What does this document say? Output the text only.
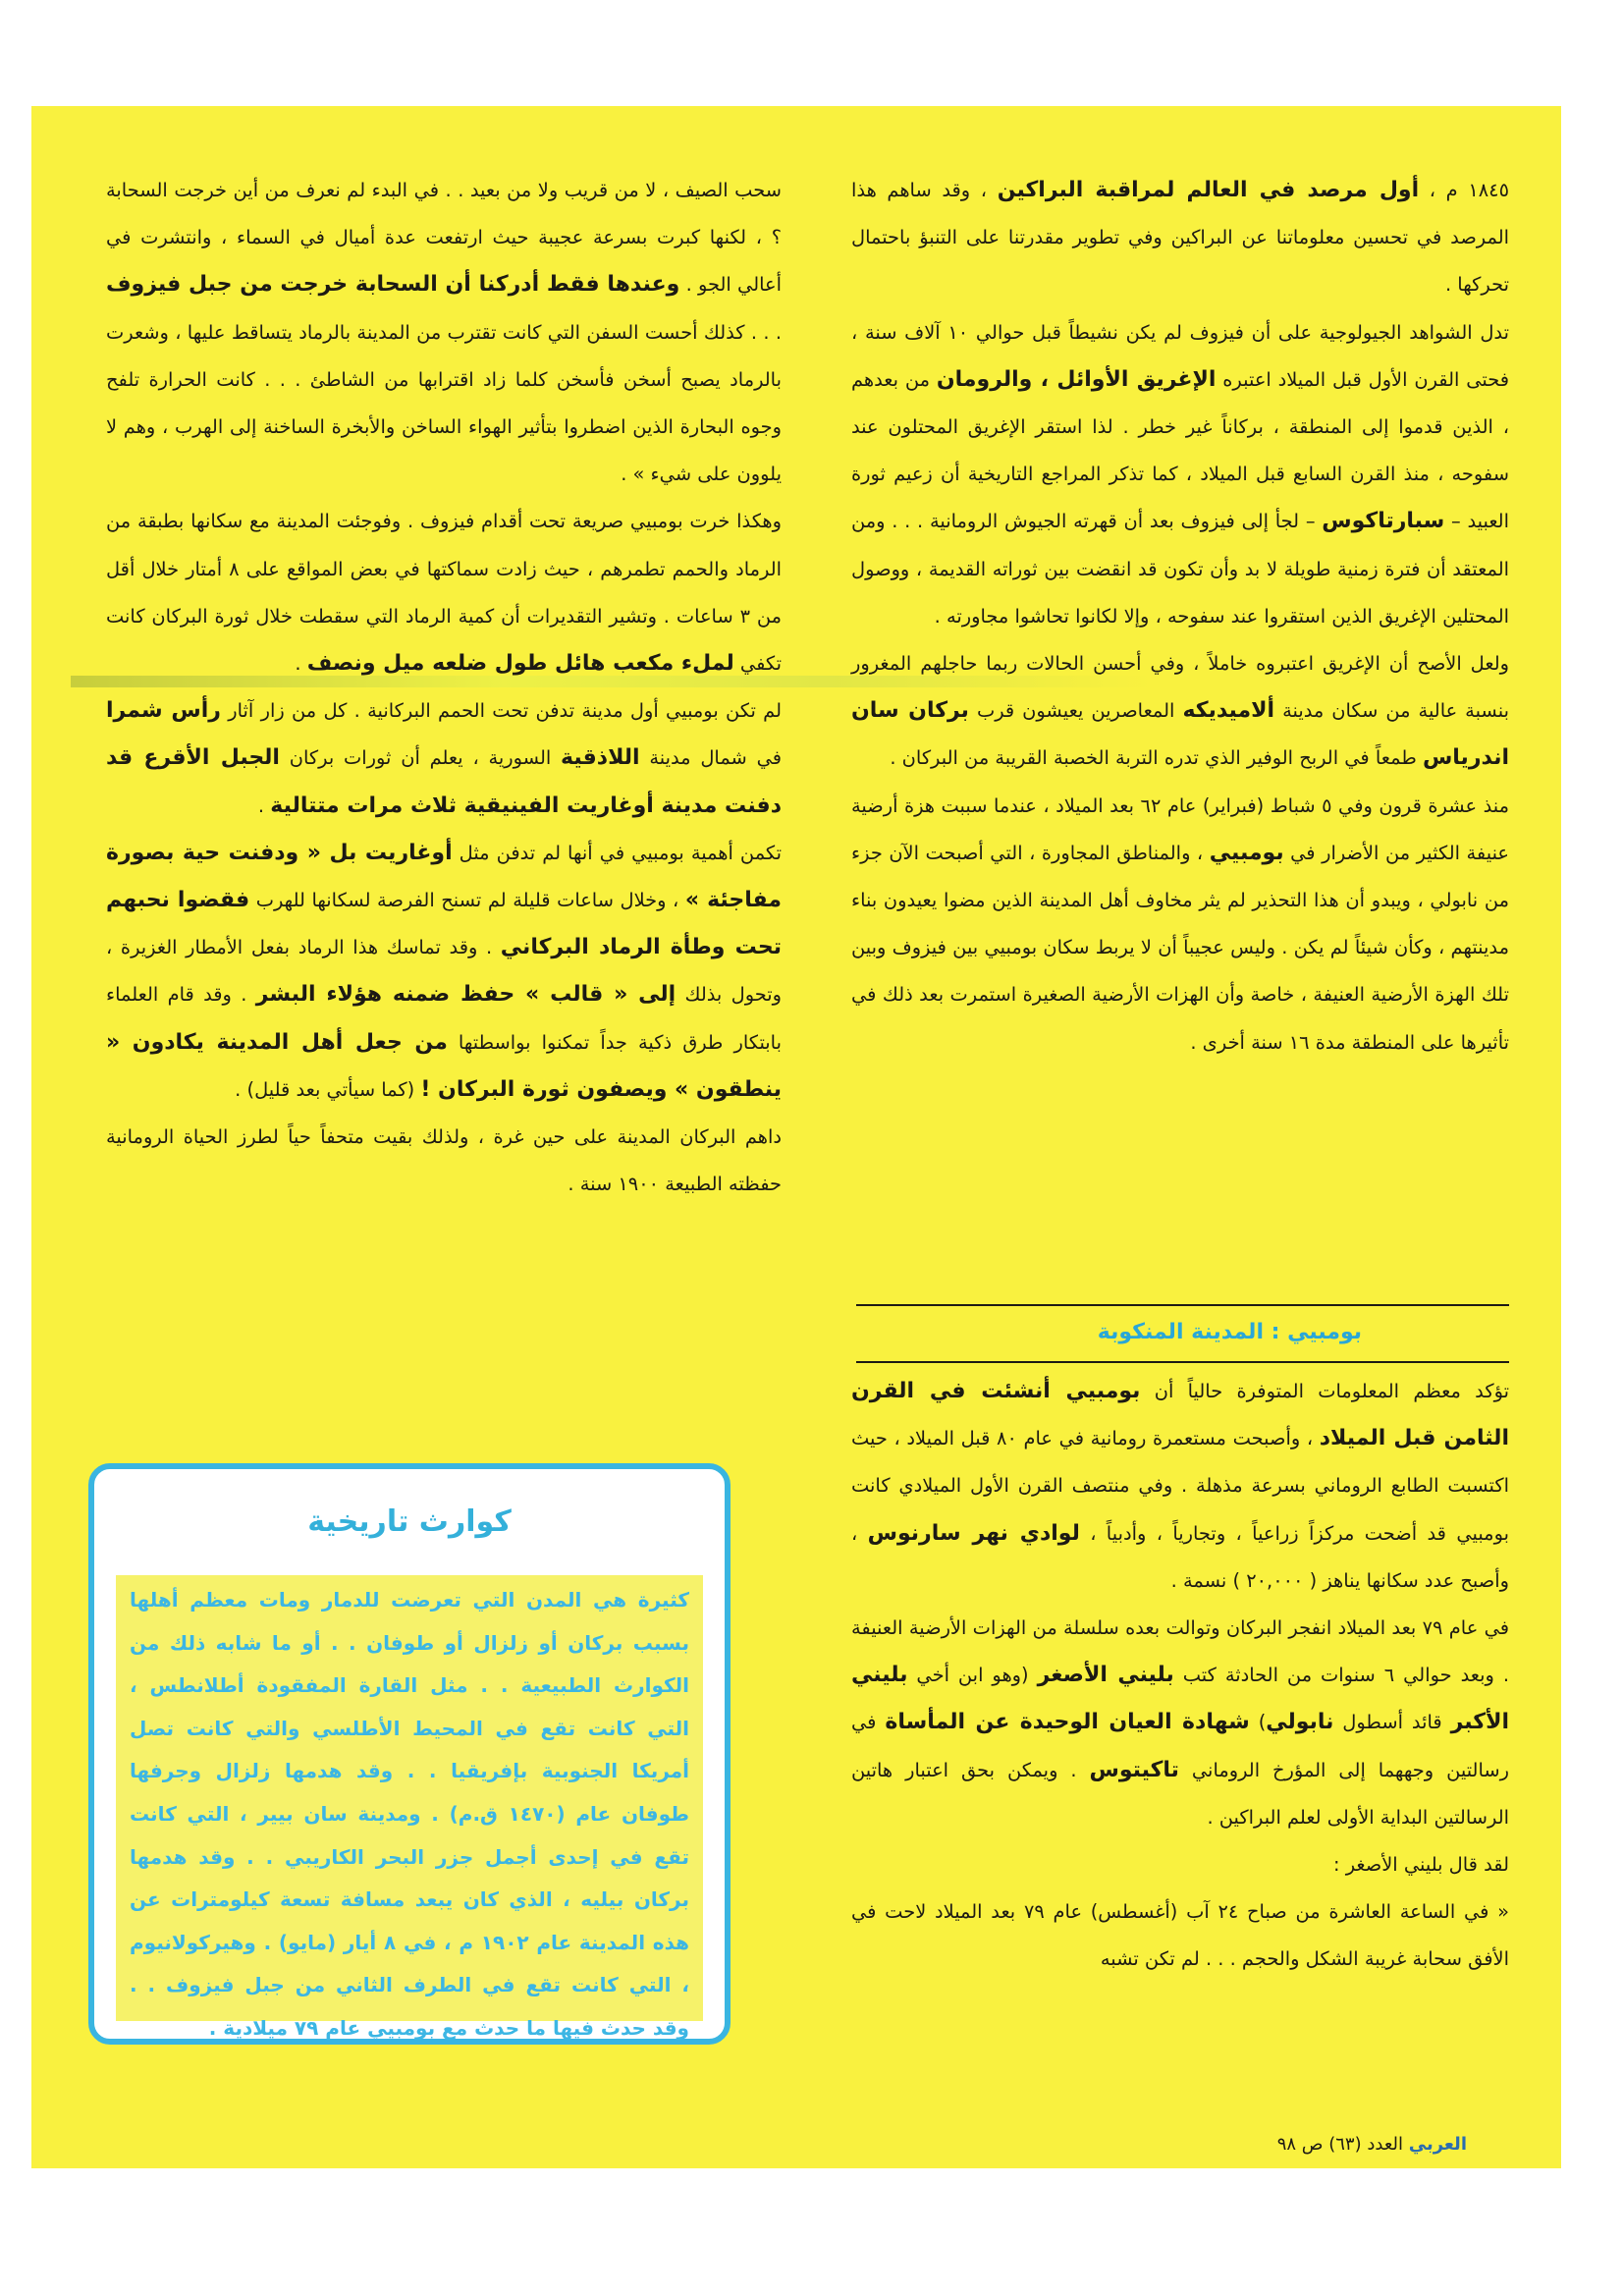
١٨٤٥ م ، أول مرصد في العالم لمراقبة البراكين ، وقد ساهم هذا المرصد في تحسين معلوماتنا عن البراكين وفي تطوير مقدرتنا على التنبؤ باحتمال تحركها .

تدل الشواهد الجيولوجية على أن فيزوف لم يكن نشيطاً قبل حوالي ١٠ آلاف سنة ، فحتى القرن الأول قبل الميلاد اعتبره الإغريق الأوائل ، والرومان من بعدهم ، الذين قدموا إلى المنطقة ، بركاناً غير خطر . لذا استقر الإغريق المحتلون عند سفوحه ، منذ القرن السابع قبل الميلاد ، كما تذكر المراجع التاريخية أن زعيم ثورة العبيد – سبارتاكوس – لجأ إلى فيزوف بعد أن قهرته الجيوش الرومانية . . . ومن المعتقد أن فترة زمنية طويلة لا بد وأن تكون قد انقضت بين ثوراته القديمة ، ووصول المحتلين الإغريق الذين استقروا عند سفوحه ، وإلا لكانوا تحاشوا مجاورته .

ولعل الأصح أن الإغريق اعتبروه خاملاً ، وفي أحسن الحالات ربما حاجلهم المغرور بنسبة عالية من سكان مدينة ألاميديكه المعاصرين يعيشون قرب بركان سان اندرياس طمعاً في الربح الوفير الذي تدره التربة الخصبة القريبة من البركان .

منذ عشرة قرون وفي ٥ شباط (فبراير) عام ٦٢ بعد الميلاد ، عندما سببت هزة أرضية عنيفة الكثير من الأضرار في بومبيي ، والمناطق المجاورة ، التي أصبحت الآن جزء من نابولي ، ويبدو أن هذا التحذير لم يثر مخاوف أهل المدينة الذين مضوا يعيدون بناء مدينتهم ، وكأن شيئاً لم يكن . وليس عجيباً أن لا يربط سكان بومبيي بين فيزوف وبين تلك الهزة الأرضية العنيفة ، خاصة وأن الهزات الأرضية الصغيرة استمرت بعد ذلك في تأثيرها على المنطقة مدة ١٦ سنة أخرى .

بومبيي : المدينة المنكوبة

تؤكد معظم المعلومات المتوفرة حالياً أن بومبيي أنشئت في القرن الثامن قبل الميلاد ، وأصبحت مستعمرة رومانية في عام ٨٠ قبل الميلاد ، حيث اكتسبت الطابع الروماني بسرعة مذهلة . وفي منتصف القرن الأول الميلادي كانت بومبيي قد أضحت مركزاً زراعياً ، وتجارياً ، وأدبياً ، لوادي نهر سارنوس ، وأصبح عدد سكانها يناهز ( ٢٠,٠٠٠ ) نسمة .

في عام ٧٩ بعد الميلاد انفجر البركان وتوالت بعده سلسلة من الهزات الأرضية العنيفة . وبعد حوالي ٦ سنوات من الحادثة كتب بليني الأصغر (وهو ابن أخي بليني الأكبر قائد أسطول نابولي) شهادة العيان الوحيدة عن المأساة في رسالتين وجههما إلى المؤرخ الروماني تاكيتوس . ويمكن بحق اعتبار هاتين الرسالتين البداية الأولى لعلم البراكين .

لقد قال بليني الأصغر :

« في الساعة العاشرة من صباح ٢٤ آب (أغسطس) عام ٧٩ بعد الميلاد لاحت في الأفق سحابة غريبة الشكل والحجم . . . لم تكن تشبه

سحب الصيف ، لا من قريب ولا من بعيد . . في البدء لم نعرف من أين خرجت السحابة ؟ ، لكنها كبرت بسرعة عجيبة حيث ارتفعت عدة أميال في السماء ، وانتشرت في أعالي الجو . وعندها فقط أدركنا أن السحابة خرجت من جبل فيزوف . . . كذلك أحست السفن التي كانت تقترب من المدينة بالرماد يتساقط عليها ، وشعرت بالرماد يصبح أسخن فأسخن كلما زاد اقترابها من الشاطئ . . . كانت الحرارة تلفح وجوه البحارة الذين اضطروا بتأثير الهواء الساخن والأبخرة الساخنة إلى الهرب ، وهم لا يلوون على شيء » .

وهكذا خرت بومبيي صريعة تحت أقدام فيزوف . وفوجئت المدينة مع سكانها بطبقة من الرماد والحمم تطمرهم ، حيث زادت سماكتها في بعض المواقع على ٨ أمتار خلال أقل من ٣ ساعات . وتشير التقديرات أن كمية الرماد التي سقطت خلال ثورة البركان كانت تكفي لملء مكعب هائل طول ضلعه ميل ونصف .

لم تكن بومبيي أول مدينة تدفن تحت الحمم البركانية . كل من زار آثار رأس شمرا في شمال مدينة اللاذقية السورية ، يعلم أن ثورات بركان الجبل الأقرع قد دفنت مدينة أوغاريت الفينيقية ثلاث مرات متتالية .

تكمن أهمية بومبيي في أنها لم تدفن مثل أوغاريت بل « ودفنت حية بصورة مفاجئة » ، وخلال ساعات قليلة لم تسنح الفرصة لسكانها للهرب فقضوا نحبهم تحت وطأة الرماد البركاني . وقد تماسك هذا الرماد بفعل الأمطار الغزيرة ، وتحول بذلك إلى « قالب » حفظ ضمنه هؤلاء البشر . وقد قام العلماء بابتكار طرق ذكية جداً تمكنوا بواسطتها من جعل أهل المدينة يكادون « ينطقون » ويصفون ثورة البركان ! (كما سيأتي بعد قليل) .

داهم البركان المدينة على حين غرة ، ولذلك بقيت متحفاً حياً لطرز الحياة الرومانية حفظته الطبيعة ١٩٠٠ سنة .

كوارث تاريخية

كثيرة هي المدن التي تعرضت للدمار ومات معظم أهلها بسبب بركان أو زلزال أو طوفان . . أو ما شابه ذلك من الكوارث الطبيعية . . مثل القارة المفقودة أطلانطس ، التي كانت تقع في المحيط الأطلسي والتي كانت تصل أمريكا الجنوبية بإفريقيا . . وقد هدمها زلزال وجرفها طوفان عام (١٤٧٠ ق.م) . ومدينة سان بيير ، التي كانت تقع في إحدى أجمل جزر البحر الكاريبي . . وقد هدمها بركان بيليه ، الذي كان يبعد مسافة تسعة كيلومترات عن هذه المدينة عام ١٩٠٢ م ، في ٨ أيار (مايو) . وهيركولانيوم ، التي كانت تقع في الطرف الثاني من جبل فيزوف . . وقد حدث فيها ما حدث مع بومبيي عام ٧٩ ميلادية .

العربي العدد (٦٣) ص ٩٨
